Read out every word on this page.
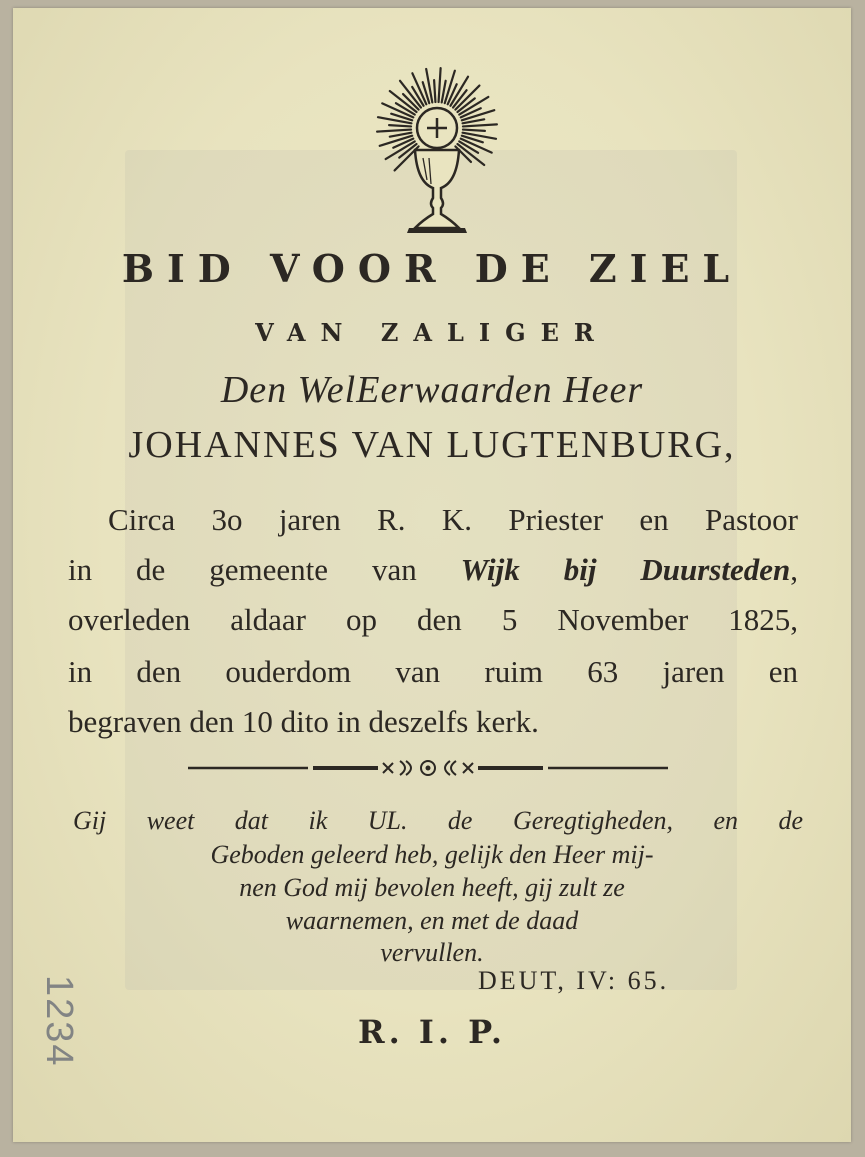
BID VOOR DE ZIEL
VAN ZALIGER
Den WelEerwaarden Heer
JOHANNES VAN LUGTENBURG,
Circa 3o jaren R. K. Priester en Pastoor
in de gemeente van Wijk bij Duursteden,
overleden aldaar op den 5 November 1825,
in den ouderdom van ruim 63 jaren en
begraven den 10 dito in deszelfs kerk.
Gij weet dat ik UL. de Geregtigheden, en de
Geboden geleerd heb, gelijk den Heer mij-
nen God mij bevolen heeft, gij zult ze
waarnemen, en met de daad
vervullen.
DEUT, IV: 65.
R. I. P.
1234
